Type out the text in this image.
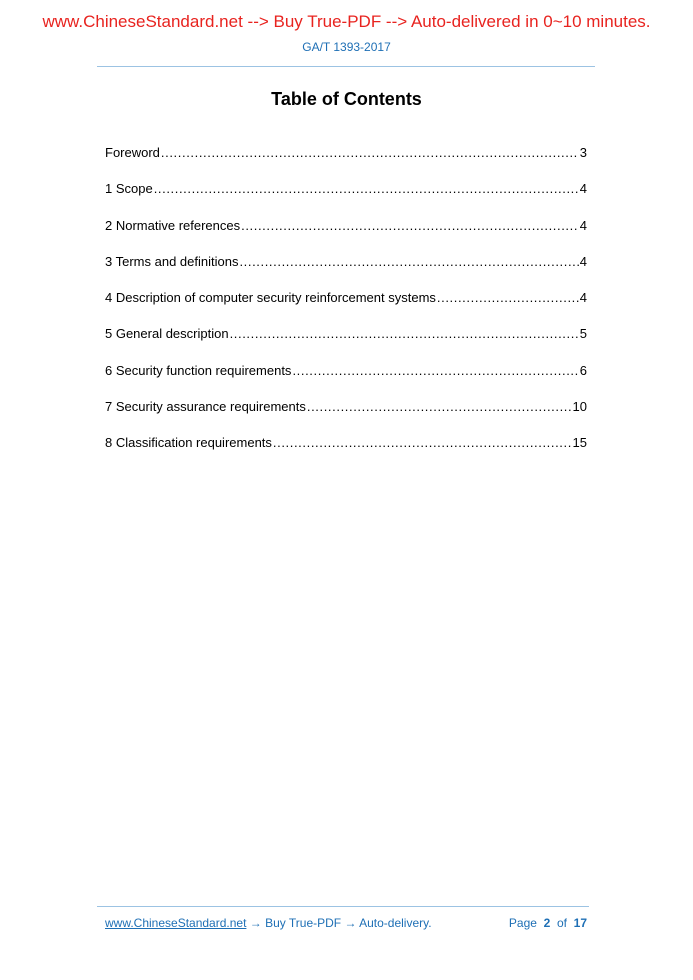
www.ChineseStandard.net --> Buy True-PDF --> Auto-delivered in 0~10 minutes.
GA/T 1393-2017
Table of Contents
Foreword .....	3
1 Scope .....	4
2 Normative references .....	4
3 Terms and definitions .....	4
4 Description of computer security reinforcement systems .....	4
5 General description .....	5
6 Security function requirements .....	6
7 Security assurance requirements .....	10
8 Classification requirements .....	15
www.ChineseStandard.net → Buy True-PDF → Auto-delivery.	Page 2 of 17
